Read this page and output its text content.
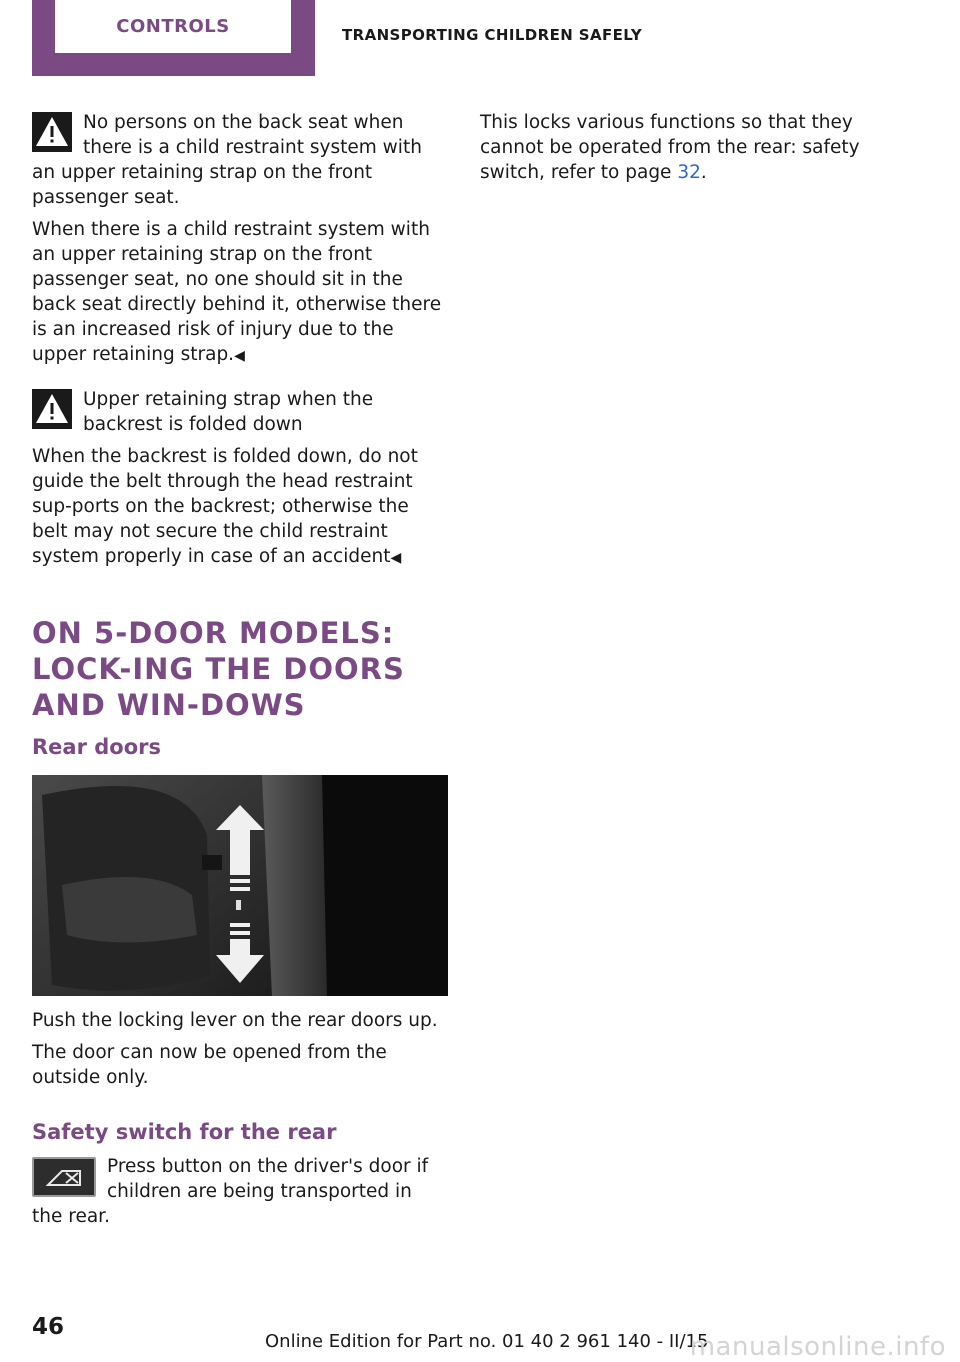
CONTROLS	TRANSPORTING CHILDREN SAFELY

No persons on the back seat when there is a child restraint system with an upper retaining strap on the front passenger seat.

When there is a child restraint system with an upper retaining strap on the front passenger seat, no one should sit in the back seat directly behind it, otherwise there is an increased risk of injury due to the upper retaining strap.◀

Upper retaining strap when the backrest is folded down

When the backrest is folded down, do not guide the belt through the head restraint sup-ports on the backrest; otherwise the belt may not secure the child restraint system properly in case of an accident◀

ON 5-DOOR MODELS: LOCK-ING THE DOORS AND WIN-DOWS
Rear doors

Push the locking lever on the rear doors up.

The door can now be opened from the outside only.

Safety switch for the rear

Press button on the driver's door if children are being transported in the rear.

This locks various functions so that they cannot be operated from the rear: safety switch, refer to page 32.

46
Online Edition for Part no. 01 40 2 961 140 - II/15
manualsonline.info
